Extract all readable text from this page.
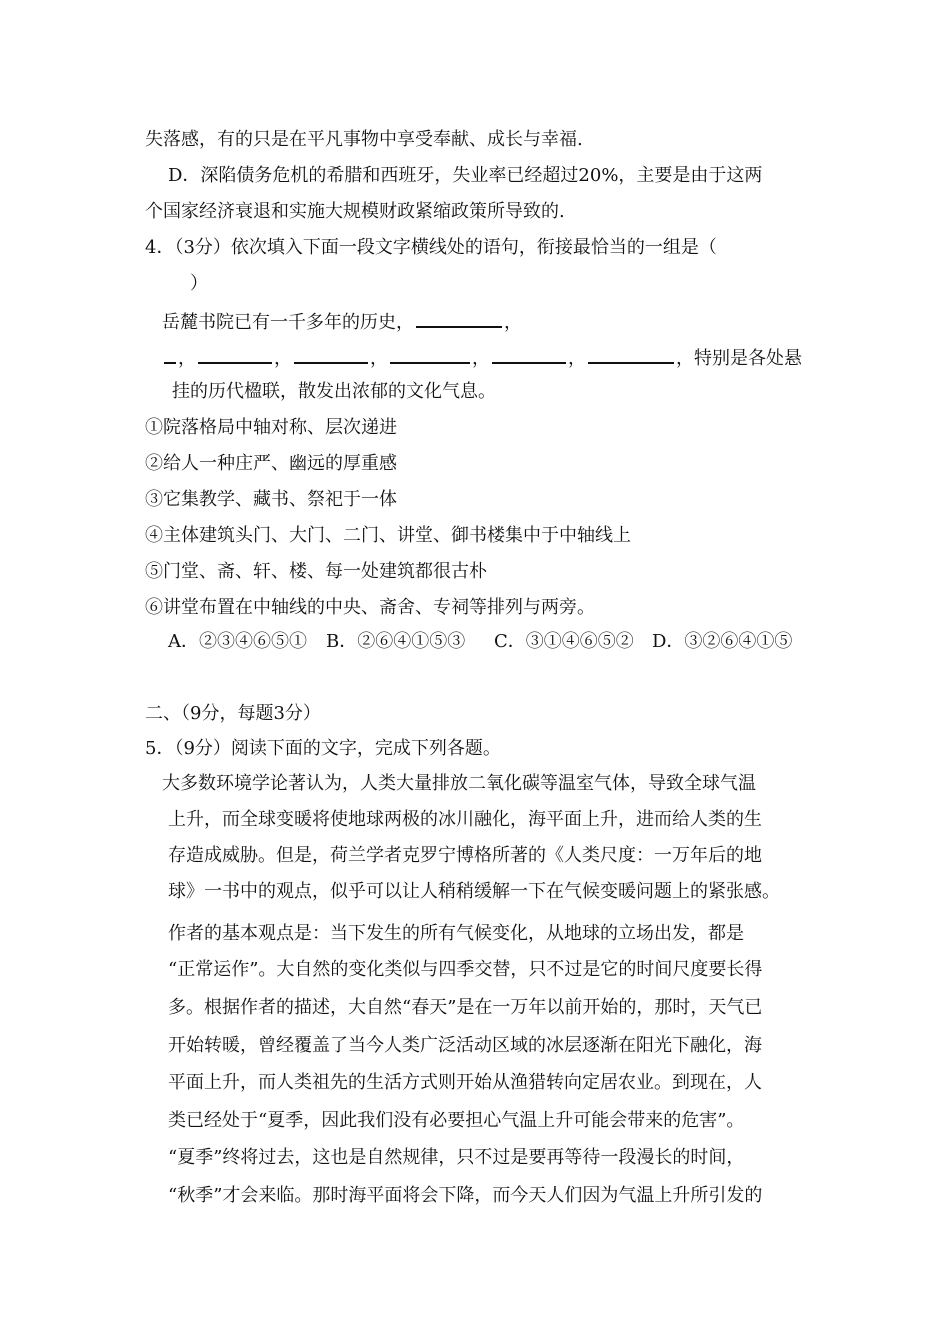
失落感，有的只是在平凡事物中享受奉献、成长与幸福.
D．深陷债务危机的希腊和西班牙，失业率已经超过20%，主要是由于这两
个国家经济衰退和实施大规模财政紧缩政策所导致的.
4．（3分）依次填入下面一段文字横线处的语句，衔接最恰当的一组是（
）
岳麓书院已有一千多年的历史，	，
，	，	，	，	，	，特别是各处悬
挂的历代楹联，散发出浓郁的文化气息。
①院落格局中轴对称、层次递进
②给人一种庄严、幽远的厚重感
③它集教学、藏书、祭祀于一体
④主体建筑头门、大门、二门、讲堂、御书楼集中于中轴线上
⑤门堂、斋、轩、楼、每一处建筑都很古朴
⑥讲堂布置在中轴线的中央、斋舍、专祠等排列与两旁。
A．②③④⑥⑤① B．②⑥④①⑤③ C．③①④⑥⑤② D．③②⑥④①⑤
二、（9分，每题3分）
5．（9分）阅读下面的文字，完成下列各题。
大多数环境学论著认为，人类大量排放二氧化碳等温室气体，导致全球气温
上升，而全球变暖将使地球两极的冰川融化，海平面上升，进而给人类的生
存造成威胁。但是，荷兰学者克罗宁博格所著的《人类尺度：一万年后的地
球》一书中的观点，似乎可以让人稍稍缓解一下在气候变暖问题上的紧张感。
作者的基本观点是：当下发生的所有气候变化，从地球的立场出发，都是
“正常运作”。大自然的变化类似与四季交替，只不过是它的时间尺度要长得
多。根据作者的描述，大自然“春天”是在一万年以前开始的，那时，天气已
开始转暖，曾经覆盖了当今人类广泛活动区域的冰层逐渐在阳光下融化，海
平面上升，而人类祖先的生活方式则开始从渔猎转向定居农业。到现在，人
类已经处于“夏季，因此我们没有必要担心气温上升可能会带来的危害”。
“夏季”终将过去，这也是自然规律，只不过是要再等待一段漫长的时间，
“秋季”才会来临。那时海平面将会下降，而今天人们因为气温上升所引发的
